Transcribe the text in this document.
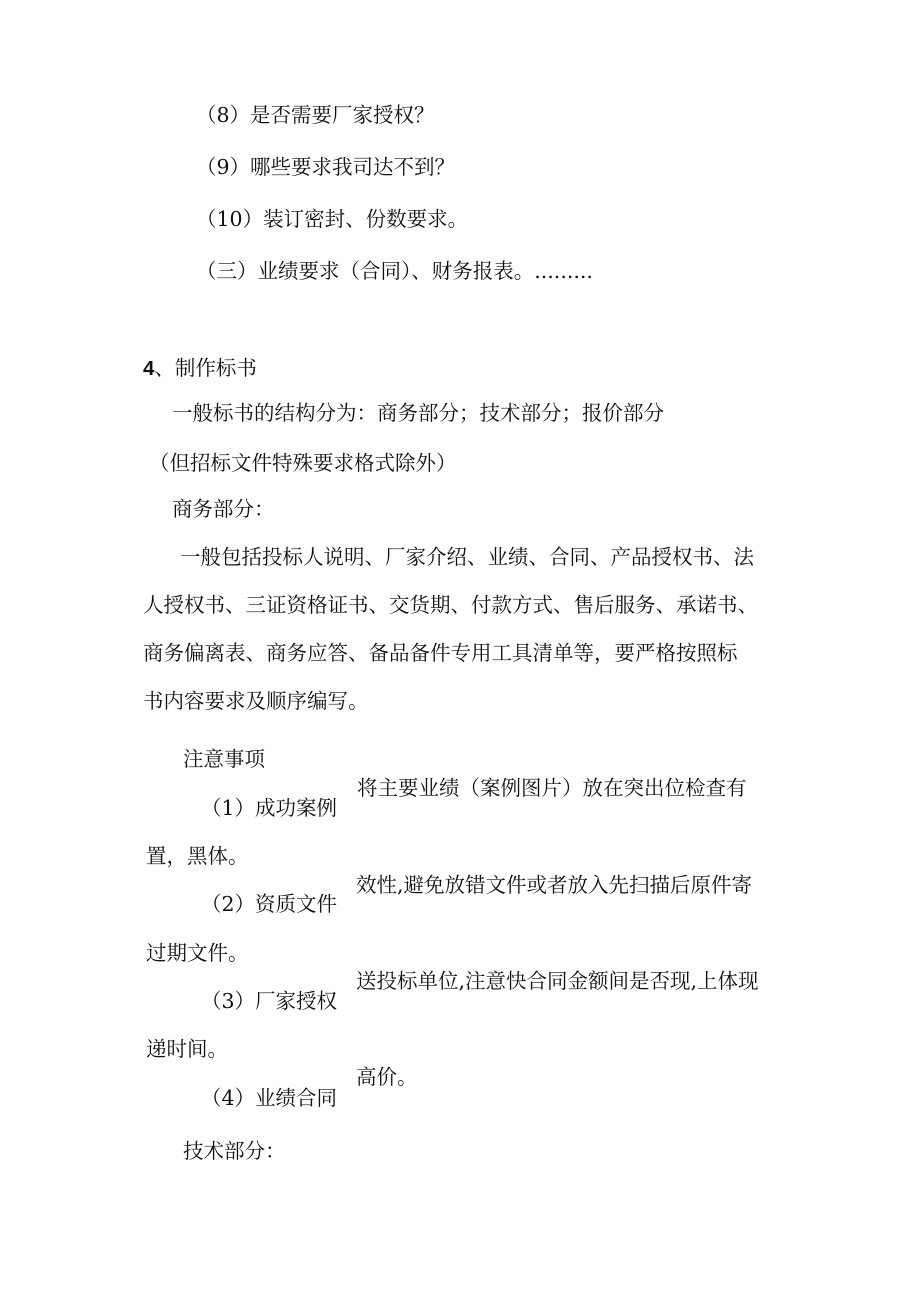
（8）是否需要厂家授权？
（9）哪些要求我司达不到？
（10）装订密封、份数要求。
（三）业绩要求（合同）、财务报表。.........
4、制作标书
一般标书的结构分为：商务部分；技术部分；报价部分
（但招标文件特殊要求格式除外）
商务部分：
一般包括投标人说明、厂家介绍、业绩、合同、产品授权书、法
人授权书、三证资格证书、交货期、付款方式、售后服务、承诺书、
商务偏离表、商务应答、备品备件专用工具清单等，要严格按照标
书内容要求及顺序编写。
注意事项
将主要业绩（案例图片）放在突出位检查有
（1）成功案例
置，黑体。
效性,避免放错文件或者放入先扫描后原件寄
（2）资质文件
过期文件。
送投标单位,注意快合同金额间是否现,上体现
（3）厂家授权
递时间。
高价。
（4）业绩合同
技术部分：
